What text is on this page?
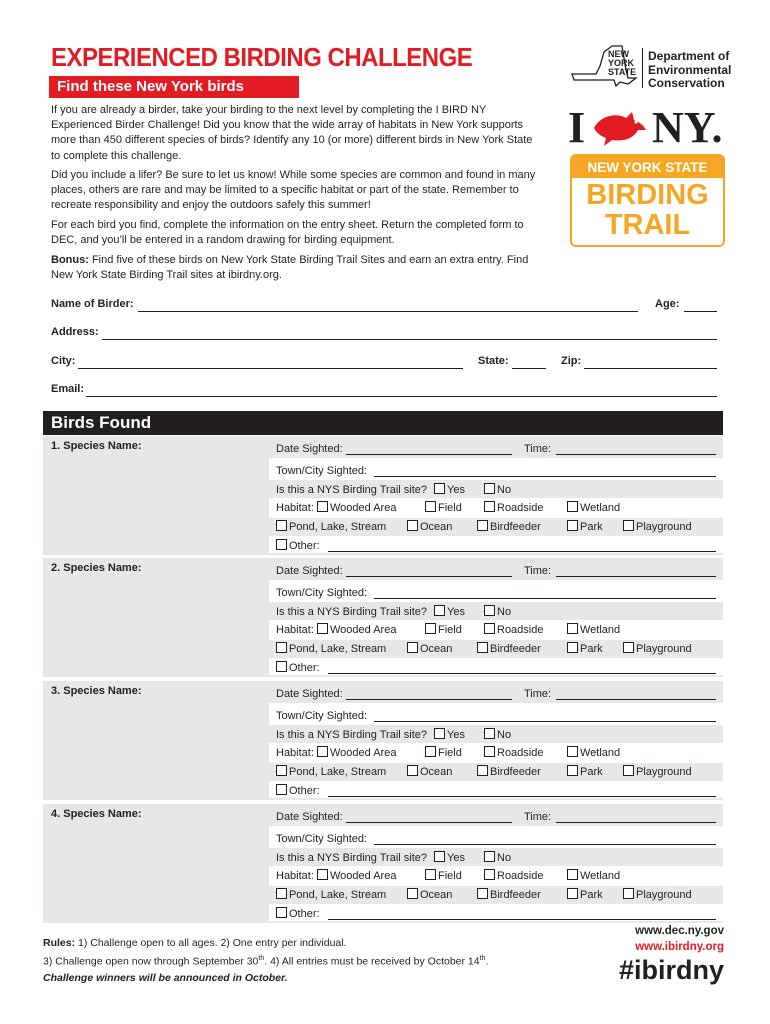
EXPERIENCED BIRDING CHALLENGE
Find these New York birds
If you are already a birder, take your birding to the next level by completing the I BIRD NY Experienced Birder Challenge! Did you know that the wide array of habitats in New York supports more than 450 different species of birds? Identify any 10 (or more) different birds in New York State to complete this challenge.
Did you include a lifer? Be sure to let us know! While some species are common and found in many places, others are rare and may be limited to a specific habitat or part of the state. Remember to recreate responsibility and enjoy the outdoors safely this summer!
For each bird you find, complete the information on the entry sheet. Return the completed form to DEC, and you’ll be entered in a random drawing for birding equipment.
Bonus: Find five of these birds on New York State Birding Trail Sites and earn an extra entry. Find New York State Birding Trail sites at ibirdny.org.
NEW
YORK
STATE
Department of
Environmental
Conservation
I NY.
NEW YORK STATE
BIRDING
TRAIL
Name of Birder:	Age:
Address:
City:	State:	Zip:
Email:
Birds Found
1. Species Name:	Date Sighted:	Time:
Town/City Sighted:
Is this a NYS Birding Trail site?	Yes	No
Habitat:	Wooded Area	Field	Roadside	Wetland
Pond, Lake, Stream	Ocean	Birdfeeder	Park	Playground
Other:
2. Species Name:	Date Sighted:	Time:
Town/City Sighted:
Is this a NYS Birding Trail site?	Yes	No
Habitat:	Wooded Area	Field	Roadside	Wetland
Pond, Lake, Stream	Ocean	Birdfeeder	Park	Playground
Other:
3. Species Name:	Date Sighted:	Time:
Town/City Sighted:
Is this a NYS Birding Trail site?	Yes	No
Habitat:	Wooded Area	Field	Roadside	Wetland
Pond, Lake, Stream	Ocean	Birdfeeder	Park	Playground
Other:
4. Species Name:	Date Sighted:	Time:
Town/City Sighted:
Is this a NYS Birding Trail site?	Yes	No
Habitat:	Wooded Area	Field	Roadside	Wetland
Pond, Lake, Stream	Ocean	Birdfeeder	Park	Playground
Other:
Rules: 1) Challenge open to all ages. 2) One entry per individual.
3) Challenge open now through September 30th. 4) All entries must be received by October 14th.
Challenge winners will be announced in October.
www.dec.ny.gov
www.ibirdny.org
#ibirdny
